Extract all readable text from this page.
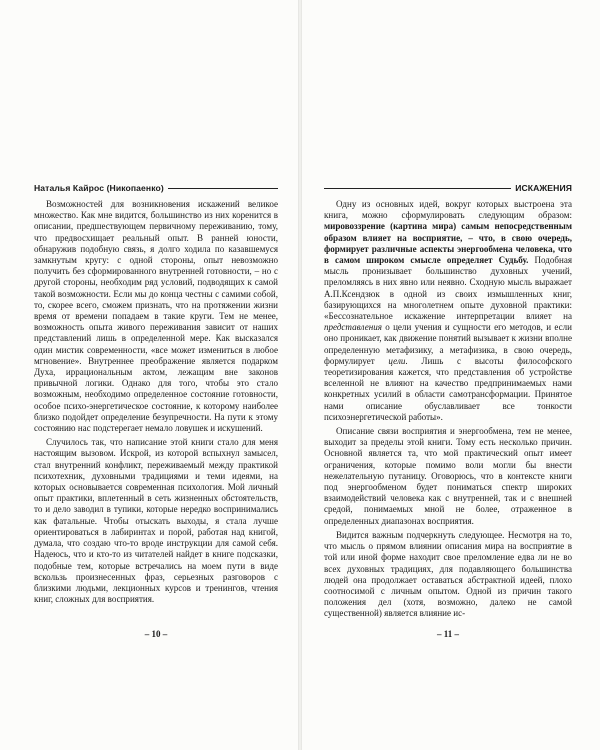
Наталья Кайрос (Никопаенко)

Возможностей для возникновения искажений великое множество. Как мне видится, большинство из них коренится в описании, предшествующем первичному переживанию, тому, что предвосхищает реальный опыт. В ранней юности, обнаружив подобную связь, я долго ходила по казавшемуся замкнутым кругу: с одной стороны, опыт невозможно получить без сформированного внутренней готовности, – но с другой стороны, необходим ряд условий, подводящих к самой такой возможности. Если мы до конца честны с самими собой, то, скорее всего, сможем признать, что на протяжении жизни время от времени попадаем в такие круги. Тем не менее, возможность опыта живого переживания зависит от наших представлений лишь в определенной мере. Как высказался один мистик современности, «все может измениться в любое мгновение». Внутреннее преображение является подарком Духа, иррациональным актом, лежащим вне законов привычной логики. Однако для того, чтобы это стало возможным, необходимо определенное состояние готовности, особое психо-энергетическое состояние, к которому наиболее близко подойдет определение безупречности. На пути к этому состоянию нас подстерегает немало ловушек и искушений.

Случилось так, что написание этой книги стало для меня настоящим вызовом. Искрой, из которой вспыхнул замысел, стал внутренний конфликт, переживаемый между практикой психотехник, духовными традициями и теми идеями, на которых основывается современная психология. Мой личный опыт практики, вплетенный в сеть жизненных обстоятельств, то и дело заводил в тупики, которые нередко воспринимались как фатальные. Чтобы отыскать выходы, я стала лучше ориентироваться в лабиринтах и порой, работая над книгой, думала, что создаю что-то вроде инструкции для самой себя. Надеюсь, что и кто-то из читателей найдет в книге подсказки, подобные тем, которые встречались на моем пути в виде вскользь произнесенных фраз, серьезных разговоров с близкими людьми, лекционных курсов и тренингов, чтения книг, сложных для восприятия.

– 10 –
ИСКАЖЕНИЯ

Одну из основных идей, вокруг которых выстроена эта книга, можно сформулировать следующим образом: мировоззрение (картина мира) самым непосредственным образом влияет на восприятие, – что, в свою очередь, формирует различные аспекты энергообмена человека, что в самом широком смысле определяет Судьбу. Подобная мысль пронизывает большинство духовных учений, преломляясь в них явно или неявно. Сходную мысль выражает А.П.Ксендзюк в одной из своих измышленных книг, базирующихся на многолетнем опыте духовной практики: «Бессознательное искажение интерпретации влияет на представления о цели учения и сущности его методов, и если оно проникает, как движение понятий вызывает к жизни вполне определенную метафизику, а метафизика, в свою очередь, формулирует цели. Лишь с высоты философского теоретизирования кажется, что представления об устройстве вселенной не влияют на качество предпринимаемых нами конкретных усилий в области самотрансформации. Принятое нами описание обуславливает все тонкости психоэнергетической работы».

Описание связи восприятия и энергообмена, тем не менее, выходит за пределы этой книги. Тому есть несколько причин. Основной является та, что мой практический опыт имеет ограничения, которые помимо воли могли бы внести нежелательную путаницу. Оговорюсь, что в контексте книги под энергообменом будет пониматься спектр широких взаимодействий человека как с внутренней, так и с внешней средой, понимаемых мной не более, отраженное в определенных диапазонах восприятия.

Видится важным подчеркнуть следующее. Несмотря на то, что мысль о прямом влиянии описания мира на восприятие в той или иной форме находит свое преломление едва ли не во всех духовных традициях, для подавляющего большинства людей она продолжает оставаться абстрактной идеей, плохо соотносимой с личным опытом. Одной из причин такого положения дел (хотя, возможно, далеко не самой существенной) является влияние ис-

– 11 –
